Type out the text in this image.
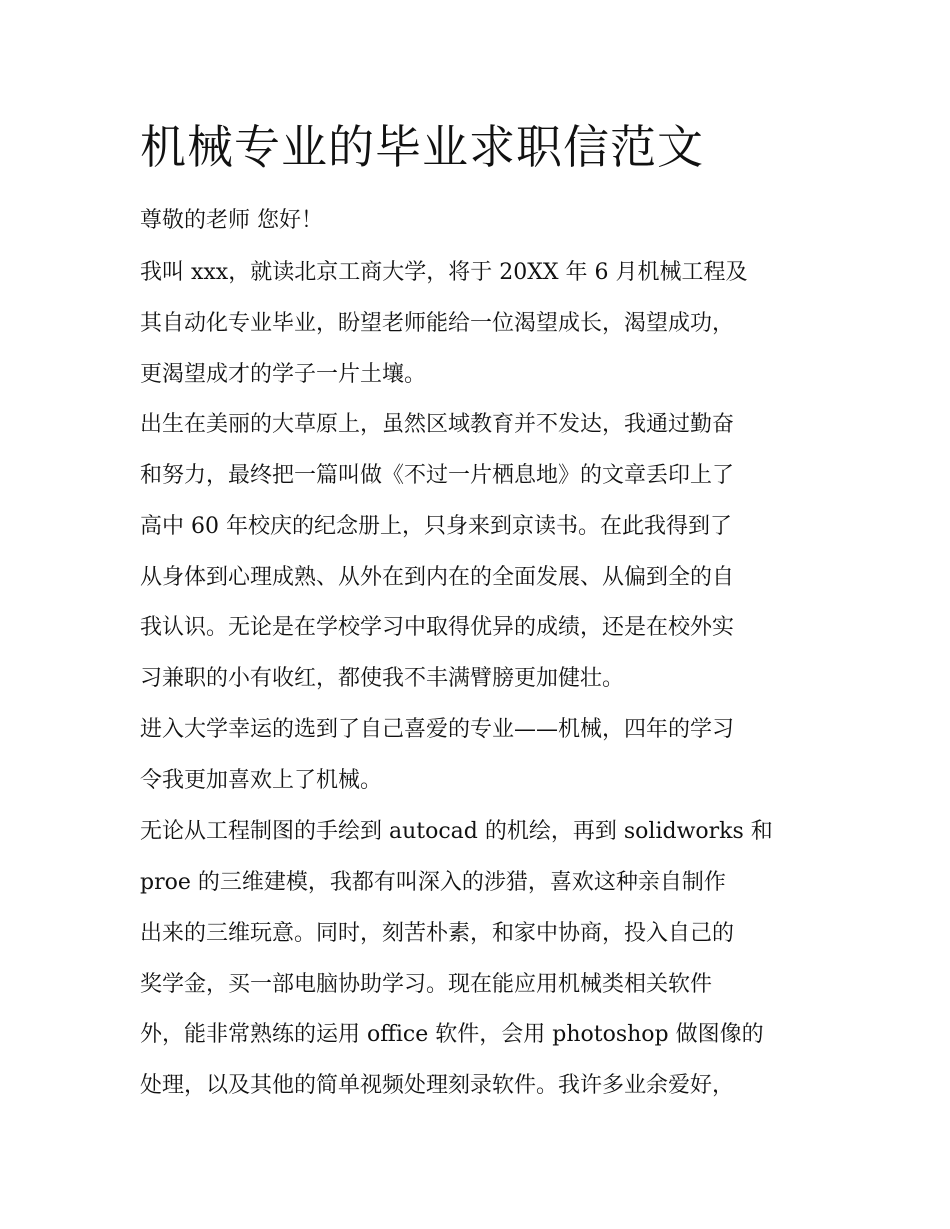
机械专业的毕业求职信范文

尊敬的老师 您好！

我叫 xxx，就读北京工商大学，将于 20XX 年 6 月机械工程及

其自动化专业毕业，盼望老师能给一位渴望成长，渴望成功，

更渴望成才的学子一片土壤。

出生在美丽的大草原上，虽然区域教育并不发达，我通过勤奋

和努力，最终把一篇叫做《不过一片栖息地》的文章丢印上了

高中 60 年校庆的纪念册上，只身来到京读书。在此我得到了

从身体到心理成熟、从外在到内在的全面发展、从偏到全的自

我认识。无论是在学校学习中取得优异的成绩，还是在校外实

习兼职的小有收红，都使我不丰满臂膀更加健壮。

进入大学幸运的选到了自己喜爱的专业——机械，四年的学习

令我更加喜欢上了机械。

无论从工程制图的手绘到 autocad 的机绘，再到 solidworks 和

proe 的三维建模，我都有叫深入的涉猎，喜欢这种亲自制作

出来的三维玩意。同时，刻苦朴素，和家中协商，投入自己的

奖学金，买一部电脑协助学习。现在能应用机械类相关软件

外，能非常熟练的运用 office 软件，会用 photoshop 做图像的

处理，以及其他的简单视频处理刻录软件。我许多业余爱好，
